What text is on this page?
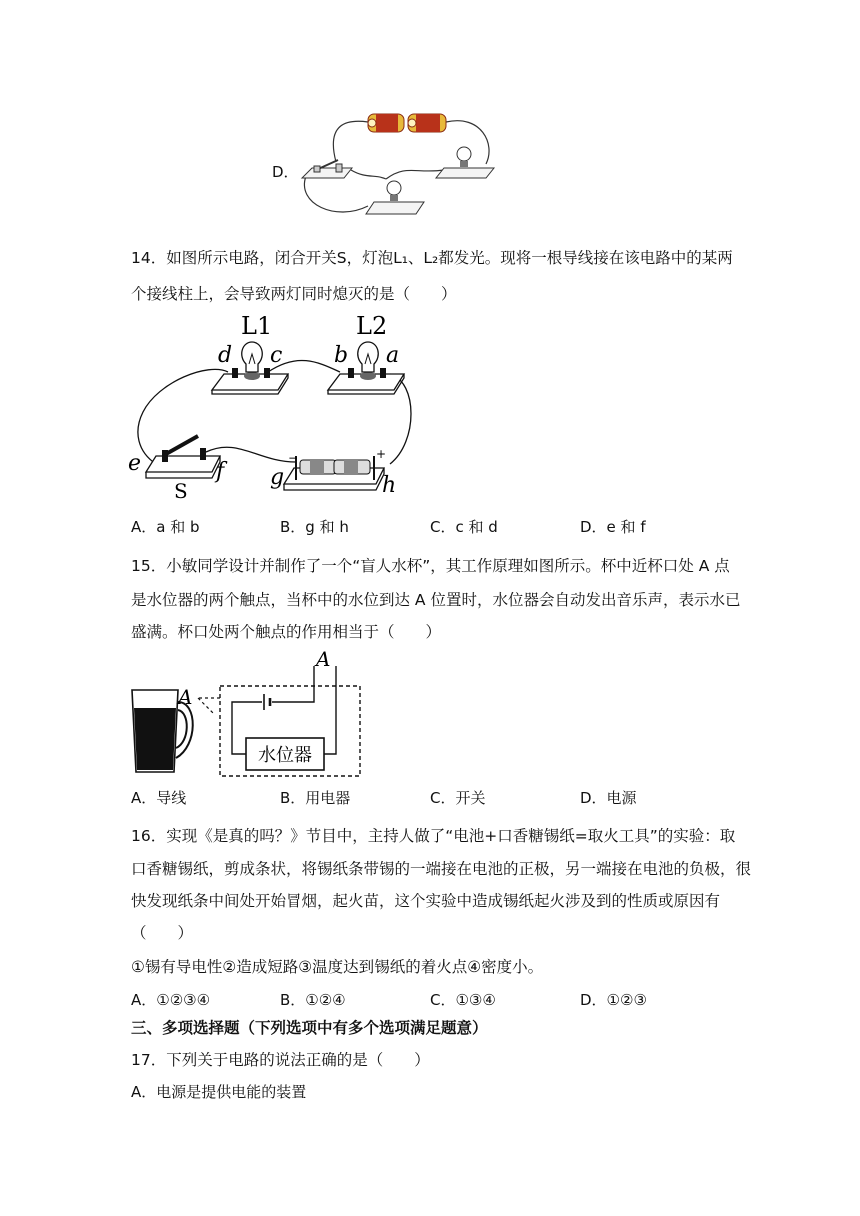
D．
14．如图所示电路，闭合开关S，灯泡L₁、L₂都发光。现将一根导线接在该电路中的某两
个接线柱上，会导致两灯同时熄灭的是（　　）
L1	L2
d c b a
e	f g	h
S
−	+
A．a 和 b	B．g 和 h	C．c 和 d	D．e 和 f
15．小敏同学设计并制作了一个“盲人水杯”，其工作原理如图所示。杯中近杯口处 A 点
是水位器的两个触点，当杯中的水位到达 A 位置时，水位器会自动发出音乐声，表示水已
盛满。杯口处两个触点的作用相当于（　　）
水位器
A
A
A．导线	B．用电器	C．开关	D．电源
16．实现《是真的吗？》节目中，主持人做了“电池+口香糖锡纸=取火工具”的实验：取
口香糖锡纸，剪成条状，将锡纸条带锡的一端接在电池的正极，另一端接在电池的负极，很
快发现纸条中间处开始冒烟，起火苗，这个实验中造成锡纸起火涉及到的性质或原因有
（　　）
①锡有导电性②造成短路③温度达到锡纸的着火点④密度小。
A．①②③④	B．①②④	C．①③④	D．①②③
三、多项选择题（下列选项中有多个选项满足题意）
17．下列关于电路的说法正确的是（　　）
A．电源是提供电能的装置
